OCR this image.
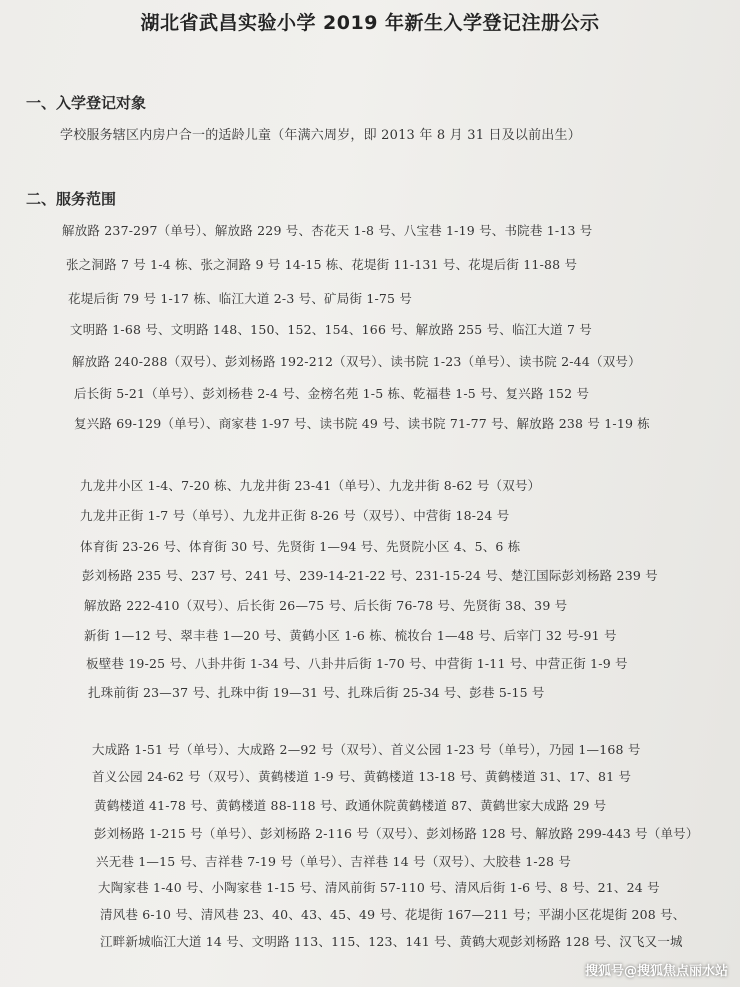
湖北省武昌实验小学 2019 年新生入学登记注册公示
一、入学登记对象
学校服务辖区内房户合一的适龄儿童（年满六周岁，即 2013 年 8 月 31 日及以前出生）
二、服务范围
解放路 237-297（单号）、解放路 229 号、杏花天 1-8 号、八宝巷 1-19 号、书院巷 1-13 号
张之洞路 7 号 1-4 栋、张之洞路 9 号 14-15 栋、花堤街 11-131 号、花堤后街 11-88 号
花堤后街 79 号 1-17 栋、临江大道 2-3 号、矿局街 1-75 号
文明路 1-68 号、文明路 148、150、152、154、166 号、解放路 255 号、临江大道 7 号
解放路 240-288（双号）、彭刘杨路 192-212（双号）、读书院 1-23（单号）、读书院 2-44（双号）
后长街 5-21（单号）、彭刘杨巷 2-4 号、金榜名苑 1-5 栋、乾福巷 1-5 号、复兴路 152 号
复兴路 69-129（单号）、商家巷 1-97 号、读书院 49 号、读书院 71-77 号、解放路 238 号 1-19 栋
九龙井小区 1-4、7-20 栋、九龙井街 23-41（单号）、九龙井街 8-62 号（双号）
九龙井正街 1-7 号（单号）、九龙井正街 8-26 号（双号）、中营街 18-24 号
体育街 23-26 号、体育街 30 号、先贤街 1—94 号、先贤院小区 4、5、6 栋
彭刘杨路 235 号、237 号、241 号、239-14-21-22 号、231-15-24 号、楚江国际彭刘杨路 239 号
解放路 222-410（双号）、后长街 26—75 号、后长街 76-78 号、先贤街 38、39 号
新街 1—12 号、翠丰巷 1—20 号、黄鹤小区 1-6 栋、梳妆台 1—48 号、后宰门 32 号-91 号
板壁巷 19-25 号、八卦井街 1-34 号、八卦井后街 1-70 号、中营街 1-11 号、中营正街 1-9 号
扎珠前街 23—37 号、扎珠中街 19—31 号、扎珠后街 25-34 号、彭巷 5-15 号
大成路 1-51 号（单号）、大成路 2—92 号（双号）、首义公园 1-23 号（单号），乃园 1—168 号
首义公园 24-62 号（双号）、黄鹤楼道 1-9 号、黄鹤楼道 13-18 号、黄鹤楼道 31、17、81 号
黄鹤楼道 41-78 号、黄鹤楼道 88-118 号、政通休院黄鹤楼道 87、黄鹤世家大成路 29 号
彭刘杨路 1-215 号（单号）、彭刘杨路 2-116 号（双号）、彭刘杨路 128 号、解放路 299-443 号（单号）
兴无巷 1—15 号、吉祥巷 7-19 号（单号）、吉祥巷 14 号（双号）、大胶巷 1-28 号
大陶家巷 1-40 号、小陶家巷 1-15 号、清风前街 57-110 号、清风后街 1-6 号、8 号、21、24 号
清风巷 6-10 号、清风巷 23、40、43、45、49 号、花堤街 167—211 号；平湖小区花堤街 208 号、
江畔新城临江大道 14 号、文明路 113、115、123、141 号、黄鹤大观彭刘杨路 128 号、汉飞又一城
搜狐号@搜狐焦点丽水站
